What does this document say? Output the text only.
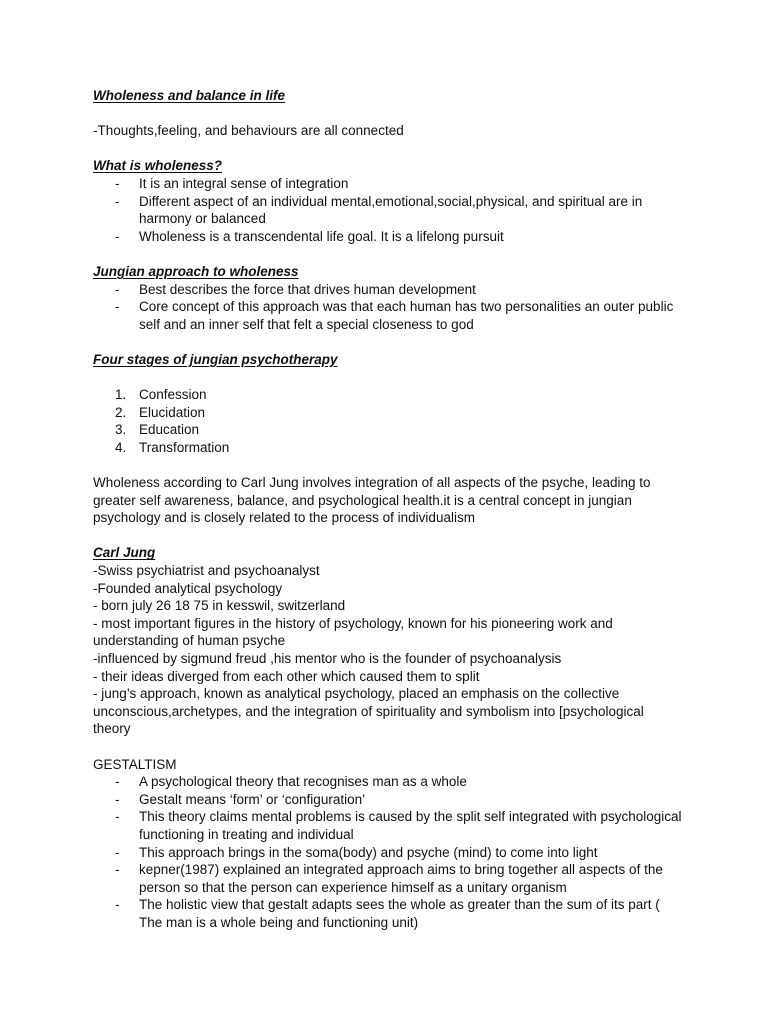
Wholeness and balance in life

-Thoughts,feeling, and behaviours are all connected

What is wholeness?
- It is an integral sense of integration
- Different aspect of an individual mental,emotional,social,physical, and spiritual are in harmony or balanced
- Wholeness is a transcendental life goal. It is a lifelong pursuit
Jungian approach to wholeness
- Best describes the force that drives human development
- Core concept of this approach was that each human has two personalities an outer public self and an inner self that felt a special closeness to god
Four stages of jungian psychotherapy
1. Confession
2. Elucidation
3. Education
4. Transformation

Wholeness according to Carl Jung involves integration of all aspects of the psyche, leading to greater self awareness, balance, and psychological health.it is a central concept in jungian psychology and is closely related to the process of individualism

Carl Jung
-Swiss psychiatrist and psychoanalyst
-Founded analytical psychology
- born july 26 18 75 in kesswil, switzerland
- most important figures in the history of psychology, known for his pioneering work and understanding of human psyche
-influenced by sigmund freud ,his mentor who is the founder of psychoanalysis
- their ideas diverged from each other which caused them to split
- jung’s approach, known as analytical psychology, placed an emphasis on the collective unconscious,archetypes, and the integration of spirituality and symbolism into [psychological theory
GESTALTISM
- A psychological theory that recognises man as a whole
- Gestalt means ‘form’ or ‘configuration’
- This theory claims mental problems is caused by the split self integrated with psychological functioning in treating and individual
- This approach brings in the soma(body) and psyche (mind) to come into light
- kepner(1987) explained an integrated approach aims to bring together all aspects of the person so that the person can experience himself as a unitary organism
- The holistic view that gestalt adapts sees the whole as greater than the sum of its part ( The man is a whole being and functioning unit)
